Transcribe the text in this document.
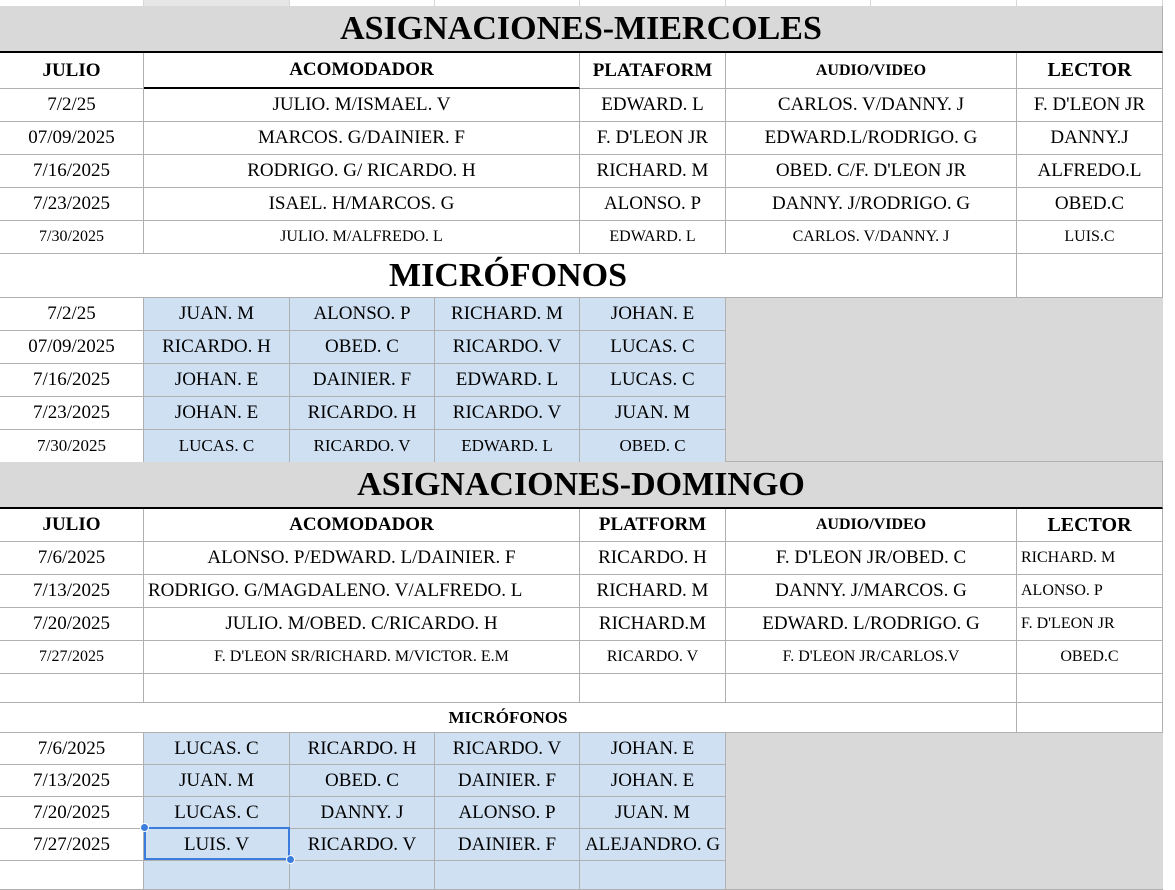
ASIGNACIONES-MIERCOLES
JULIO	ACOMODADOR	PLATAFORM	AUDIO/VIDEO	LECTOR
7/2/25	JULIO. M/ISMAEL. V	EDWARD. L	CARLOS. V/DANNY. J	F. D'LEON JR
07/09/2025	MARCOS. G/DAINIER. F	F. D'LEON JR	EDWARD.L/RODRIGO. G	DANNY.J
7/16/2025	RODRIGO. G/ RICARDO. H	RICHARD. M	OBED. C/F. D'LEON JR	ALFREDO.L
7/23/2025	ISAEL. H/MARCOS. G	ALONSO. P	DANNY. J/RODRIGO. G	OBED.C
7/30/2025	JULIO. M/ALFREDO. L	EDWARD. L	CARLOS. V/DANNY. J	LUIS.C
MICRÓFONOS
7/2/25	JUAN. M	ALONSO. P	RICHARD. M	JOHAN. E
07/09/2025	RICARDO. H	OBED. C	RICARDO. V	LUCAS. C
7/16/2025	JOHAN. E	DAINIER. F	EDWARD. L	LUCAS. C
7/23/2025	JOHAN. E	RICARDO. H	RICARDO. V	JUAN. M
7/30/2025	LUCAS. C	RICARDO. V	EDWARD. L	OBED. C
ASIGNACIONES-DOMINGO
JULIO	ACOMODADOR	PLATFORM	AUDIO/VIDEO	LECTOR
7/6/2025	ALONSO. P/EDWARD. L/DAINIER. F	RICARDO. H	F. D'LEON JR/OBED. C	RICHARD. M
7/13/2025	RODRIGO. G/MAGDALENO. V/ALFREDO. L	RICHARD. M	DANNY. J/MARCOS. G	ALONSO. P
7/20/2025	JULIO. M/OBED. C/RICARDO. H	RICHARD.M	EDWARD. L/RODRIGO. G	F. D'LEON JR
7/27/2025	F. D'LEON SR/RICHARD. M/VICTOR. E.M	RICARDO. V	F. D'LEON JR/CARLOS.V	OBED.C
MICRÓFONOS
7/6/2025	LUCAS. C	RICARDO. H	RICARDO. V	JOHAN. E
7/13/2025	JUAN. M	OBED. C	DAINIER. F	JOHAN. E
7/20/2025	LUCAS. C	DANNY. J	ALONSO. P	JUAN. M
7/27/2025	LUIS. V	RICARDO. V	DAINIER. F	ALEJANDRO. G
